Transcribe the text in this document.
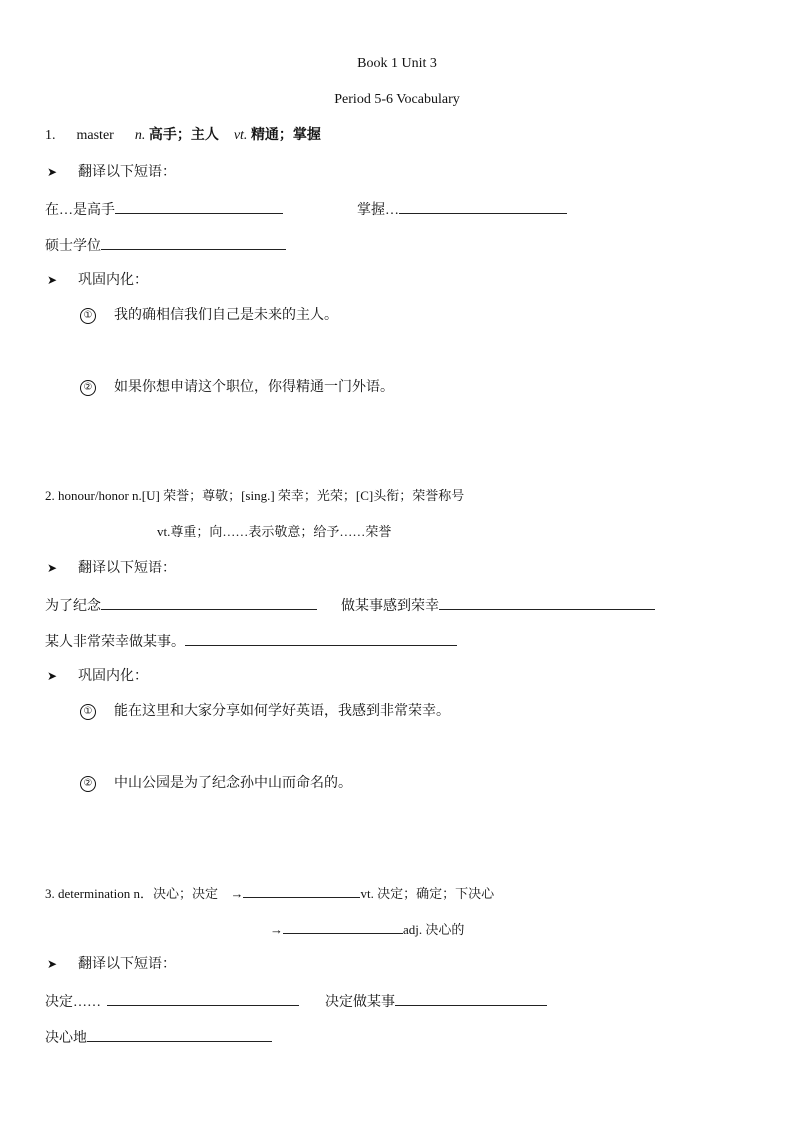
Book 1 Unit 3
Period 5-6 Vocabulary
1. master n. 高手；主人 vt. 精通；掌握
➤ 翻译以下短语：
在…是高手	掌握…
硕士学位
➤ 巩固内化：
① 我的确相信我们自己是未来的主人。
② 如果你想申请这个职位，你得精通一门外语。
2. honour/honor n.[U] 荣誉；尊敬；[sing.] 荣幸；光荣；[C]头衔；荣誉称号
vt.尊重；向……表示敬意；给予……荣誉
➤ 翻译以下短语：
为了纪念	做某事感到荣幸
某人非常荣幸做某事。
➤ 巩固内化：
① 能在这里和大家分享如何学好英语，我感到非常荣幸。
② 中山公园是为了纪念孙中山而命名的。
3. determination n．决心；决定 →	vt. 决定；确定；下决心
→	adj. 决心的
➤ 翻译以下短语：
决定……	决定做某事
决心地
